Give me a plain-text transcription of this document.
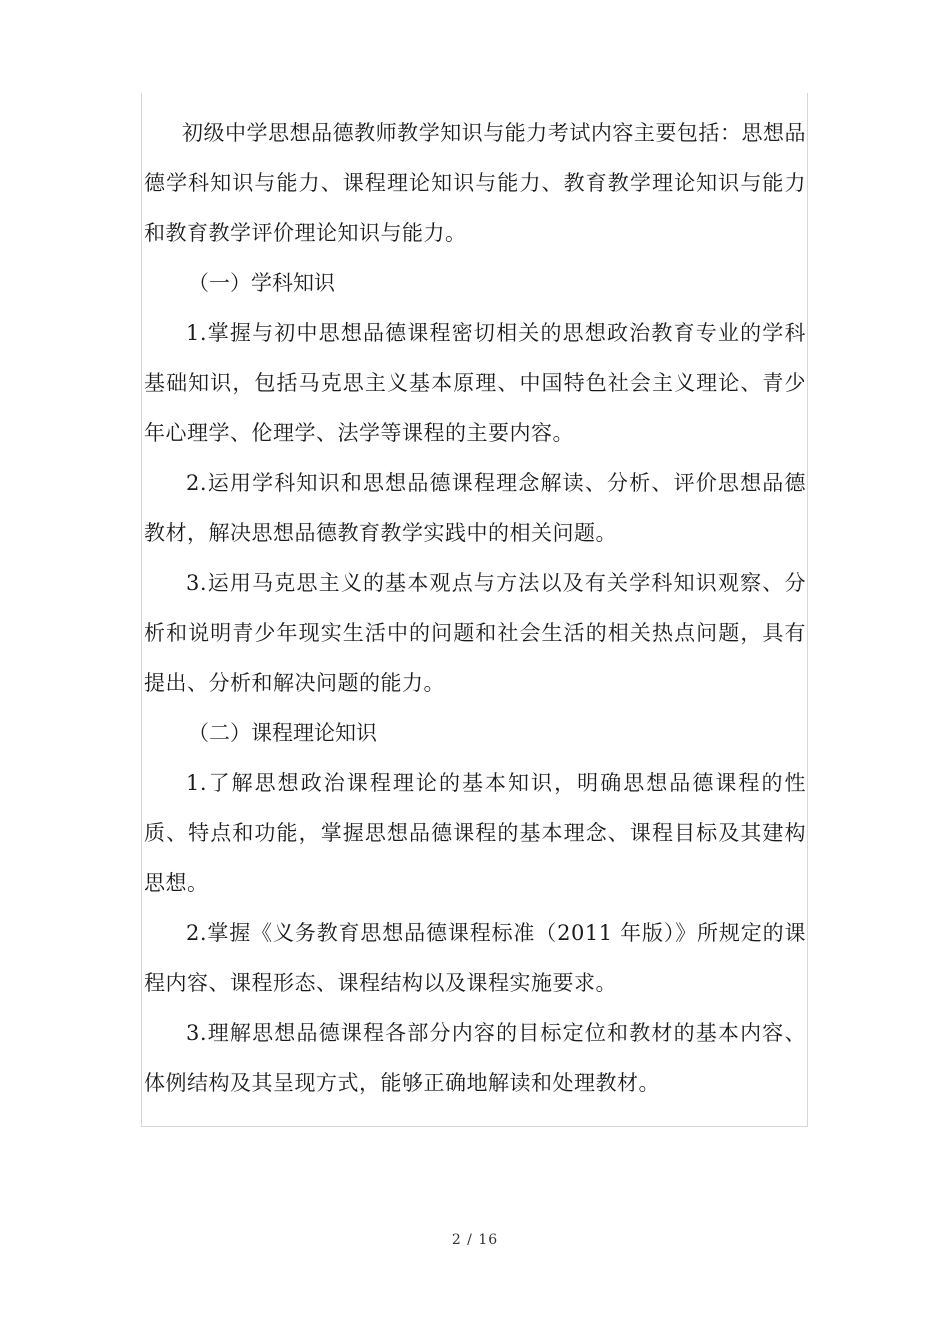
初级中学思想品德教师教学知识与能力考试内容主要包括：思想品德学科知识与能力、课程理论知识与能力、教育教学理论知识与能力和教育教学评价理论知识与能力。

（一）学科知识

1.掌握与初中思想品德课程密切相关的思想政治教育专业的学科基础知识，包括马克思主义基本原理、中国特色社会主义理论、青少年心理学、伦理学、法学等课程的主要内容。

2.运用学科知识和思想品德课程理念解读、分析、评价思想品德教材，解决思想品德教育教学实践中的相关问题。

3.运用马克思主义的基本观点与方法以及有关学科知识观察、分析和说明青少年现实生活中的问题和社会生活的相关热点问题，具有提出、分析和解决问题的能力。

（二）课程理论知识

1.了解思想政治课程理论的基本知识，明确思想品德课程的性质、特点和功能，掌握思想品德课程的基本理念、课程目标及其建构思想。

2.掌握《义务教育思想品德课程标准（2011 年版）》所规定的课程内容、课程形态、课程结构以及课程实施要求。

3.理解思想品德课程各部分内容的目标定位和教材的基本内容、体例结构及其呈现方式，能够正确地解读和处理教材。

2 / 16
